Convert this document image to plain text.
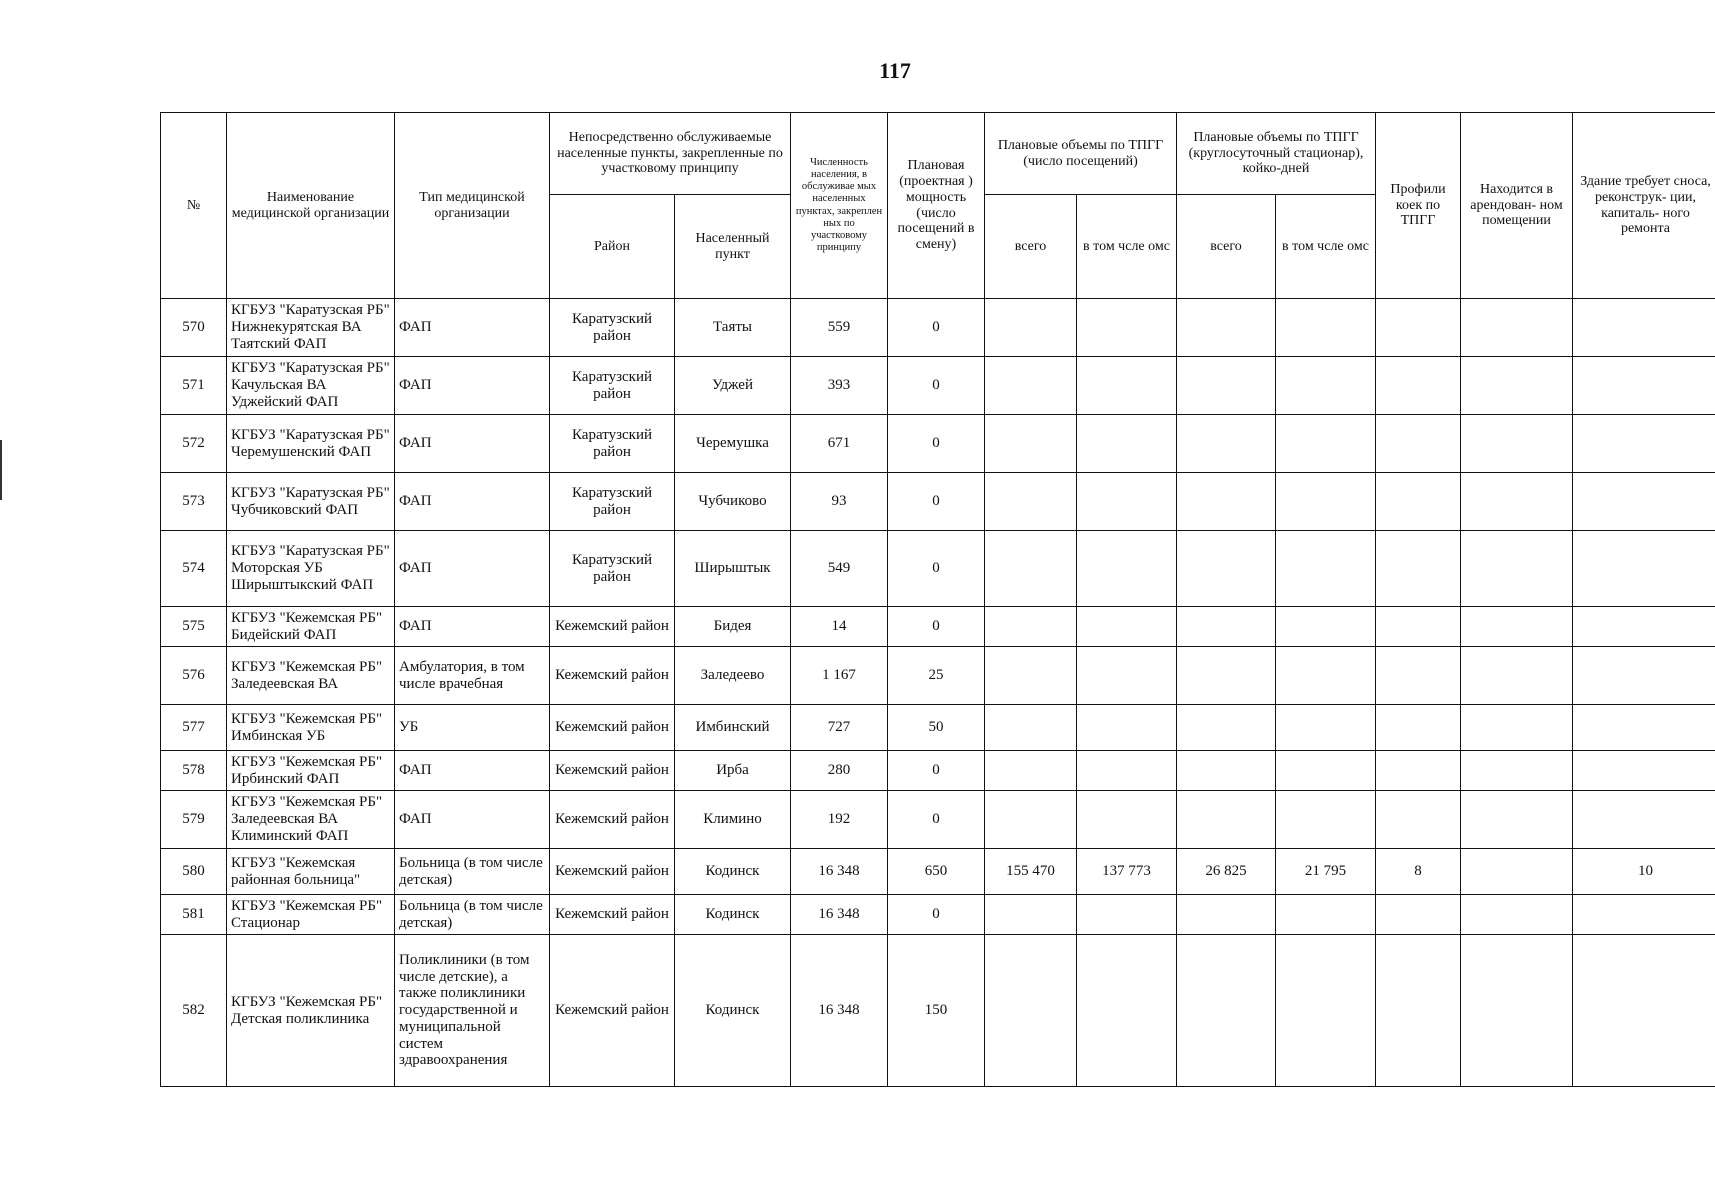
117
№	Наименование медицинской организации	Тип медицинской организации	Непосредственно обслуживаемые населенные пункты, закрепленные по участковому принципу		Численность населения, в обслуживае мых населенных пунктах, закреплен ных по участковому принципу	Плановая (проектная ) мощность (число посещений в смену)	Плановые объемы по ТПГГ (число посещений)		Плановые объемы по ТПГГ (круглосуточный стационар), койко-дней		Профили коек по ТПГГ	Находится в арендован- ном помещении	Здание требует сноса, реконструк- ции, капиталь- ного ремонта
			Район	Населенный пункт			всего	в том чсле омс	всего	в том чсле омс			
570	КГБУЗ "Каратузская РБ" Нижнекурятская ВА Таятский ФАП	ФАП	Каратузский район	Таяты	559	0							
571	КГБУЗ "Каратузская РБ" Качульская ВА Уджейский ФАП	ФАП	Каратузский район	Уджей	393	0							
572	КГБУЗ "Каратузская РБ" Черемушенский ФАП	ФАП	Каратузский район	Черемушка	671	0							
573	КГБУЗ "Каратузская РБ" Чубчиковский ФАП	ФАП	Каратузский район	Чубчиково	93	0							
574	КГБУЗ "Каратузская РБ" Моторская УБ Ширыштыкский ФАП	ФАП	Каратузский район	Ширыштык	549	0							
575	КГБУЗ "Кежемская РБ" Бидейский ФАП	ФАП	Кежемский район	Бидея	14	0							
576	КГБУЗ "Кежемская РБ" Заледеевская ВА	Амбулатория, в том числе врачебная	Кежемский район	Заледеево	1 167	25							
577	КГБУЗ "Кежемская РБ" Имбинская УБ	УБ	Кежемский район	Имбинский	727	50							
578	КГБУЗ "Кежемская РБ" Ирбинский ФАП	ФАП	Кежемский район	Ирба	280	0							
579	КГБУЗ "Кежемская РБ" Заледеевская ВА Климинский ФАП	ФАП	Кежемский район	Климино	192	0							
580	КГБУЗ "Кежемская районная больница"	Больница (в том числе детская)	Кежемский район	Кодинск	16 348	650	155 470	137 773	26 825	21 795	8		10
581	КГБУЗ "Кежемская РБ" Стационар	Больница (в том числе детская)	Кежемский район	Кодинск	16 348	0							
582	КГБУЗ "Кежемская РБ" Детская поликлиника	Поликлиники (в том числе детские), а также поликлиники государственной и муниципальной систем здравоохранения	Кежемский район	Кодинск	16 348	150							
